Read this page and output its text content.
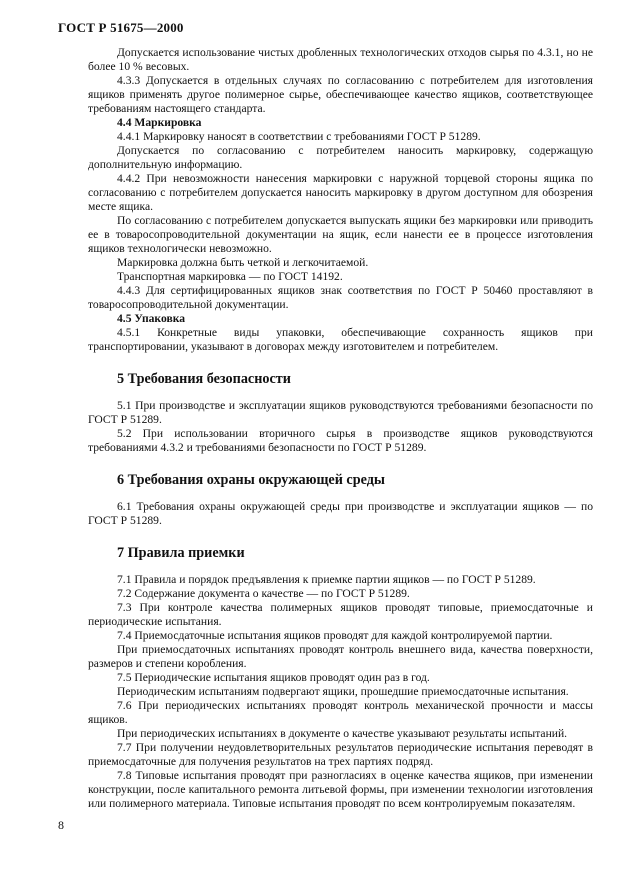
ГОСТ Р 51675—2000

Допускается использование чистых дробленных технологических отходов сырья по 4.3.1, но не более 10 % весовых.

4.3.3 Допускается в отдельных случаях по согласованию с потребителем для изготовления ящиков применять другое полимерное сырье, обеспечивающее качество ящиков, соответствующее требованиям настоящего стандарта.

4.4 Маркировка

4.4.1 Маркировку наносят в соответствии с требованиями ГОСТ Р 51289.

Допускается по согласованию с потребителем наносить маркировку, содержащую дополнительную информацию.

4.4.2 При невозможности нанесения маркировки с наружной торцевой стороны ящика по согласованию с потребителем допускается наносить маркировку в другом доступном для обозрения месте ящика.

По согласованию с потребителем допускается выпускать ящики без маркировки или приводить ее в товаросопроводительной документации на ящик, если нанести ее в процессе изготовления ящиков технологически невозможно.

Маркировка должна быть четкой и легкочитаемой.

Транспортная маркировка — по ГОСТ 14192.

4.4.3 Для сертифицированных ящиков знак соответствия по ГОСТ Р 50460 проставляют в товаросопроводительной документации.

4.5 Упаковка

4.5.1 Конкретные виды упаковки, обеспечивающие сохранность ящиков при транспортировании, указывают в договорах между изготовителем и потребителем.

5 Требования безопасности

5.1 При производстве и эксплуатации ящиков руководствуются требованиями безопасности по ГОСТ Р 51289.

5.2 При использовании вторичного сырья в производстве ящиков руководствуются требованиями 4.3.2 и требованиями безопасности по ГОСТ Р 51289.

6 Требования охраны окружающей среды

6.1 Требования охраны окружающей среды при производстве и эксплуатации ящиков — по ГОСТ Р 51289.

7 Правила приемки

7.1 Правила и порядок предъявления к приемке партии ящиков — по ГОСТ Р 51289.

7.2 Содержание документа о качестве — по ГОСТ Р 51289.

7.3 При контроле качества полимерных ящиков проводят типовые, приемосдаточные и периодические испытания.

7.4 Приемосдаточные испытания ящиков проводят для каждой контролируемой партии.

При приемосдаточных испытаниях проводят контроль внешнего вида, качества поверхности, размеров и степени коробления.

7.5 Периодические испытания ящиков проводят один раз в год.

Периодическим испытаниям подвергают ящики, прошедшие приемосдаточные испытания.

7.6 При периодических испытаниях проводят контроль механической прочности и массы ящиков.

При периодических испытаниях в документе о качестве указывают результаты испытаний.

7.7 При получении неудовлетворительных результатов периодические испытания переводят в приемосдаточные для получения результатов на трех партиях подряд.

7.8 Типовые испытания проводят при разногласиях в оценке качества ящиков, при изменении конструкции, после капитального ремонта литьевой формы, при изменении технологии изготовления или полимерного материала. Типовые испытания проводят по всем контролируемым показателям.

8
